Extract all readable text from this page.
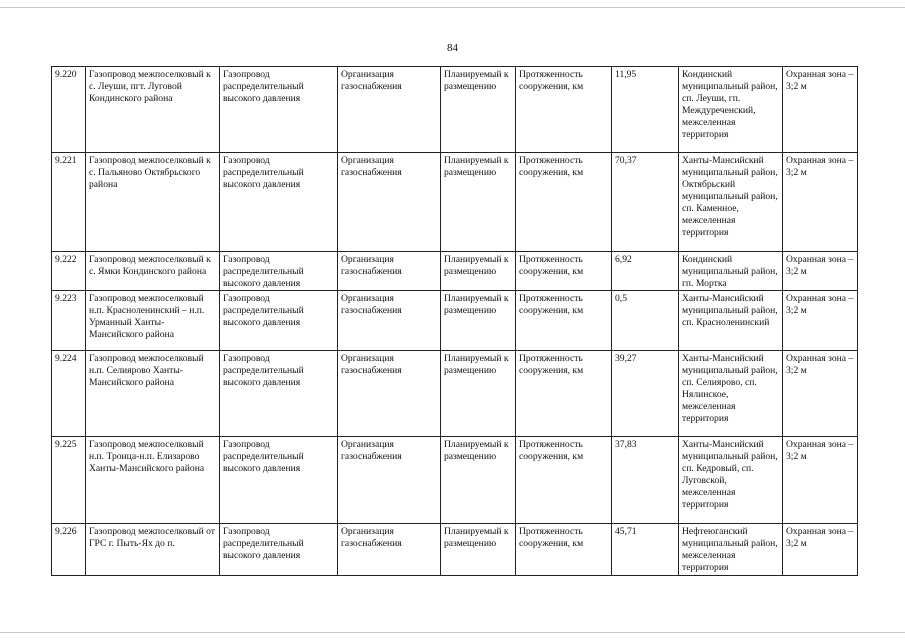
84
9.220	Газопровод межпоселковый к с. Леуши, пгт. Луговой Кондинского района	Газопровод распределительный высокого давления	Организация газоснабжения	Планируемый к размещению	Протяженность сооружения, км	11,95	Кондинский муниципальный район, сп. Леуши, гп. Междуреченский, межселенная территория	Охранная зона – 3;2 м
9.221	Газопровод межпоселковый к с. Пальяново Октябрьского района	Газопровод распределительный высокого давления	Организация газоснабжения	Планируемый к размещению	Протяженность сооружения, км	70,37	Ханты-Мансийский муниципальный район, Октябрьский муниципальный район, сп. Каменное, межселенная территория	Охранная зона – 3;2 м
9.222	Газопровод межпоселковый к с. Ямки Кондинского района	Газопровод распределительный высокого давления	Организация газоснабжения	Планируемый к размещению	Протяженность сооружения, км	6,92	Кондинский муниципальный район, гп. Мортка	Охранная зона – 3;2 м
9.223	Газопровод межпоселковый н.п. Красноленинский – н.п. Урманный Ханты-Мансийского района	Газопровод распределительный высокого давления	Организация газоснабжения	Планируемый к размещению	Протяженность сооружения, км	0,5	Ханты-Мансийский муниципальный район, сп. Красноленинский	Охранная зона – 3;2 м
9.224	Газопровод межпоселковый н.п. Селиярово Ханты-Мансийского района	Газопровод распределительный высокого давления	Организация газоснабжения	Планируемый к размещению	Протяженность сооружения, км	39,27	Ханты-Мансийский муниципальный район, сп. Селиярово, сп. Нялинское, межселенная территория	Охранная зона – 3;2 м
9.225	Газопровод межпоселковый н.п. Троица-н.п. Елизарово Ханты-Мансийского района	Газопровод распределительный высокого давления	Организация газоснабжения	Планируемый к размещению	Протяженность сооружения, км	37,83	Ханты-Мансийский муниципальный район, сп. Кедровый, сп. Луговской, межселенная территория	Охранная зона – 3;2 м
9.226	Газопровод межпоселковый от ГРС г. Пыть-Ях до п.	Газопровод распределительный высокого давления	Организация газоснабжения	Планируемый к размещению	Протяженность сооружения, км	45,71	Нефтеюганский муниципальный район, межселенная территория	Охранная зона – 3;2 м
